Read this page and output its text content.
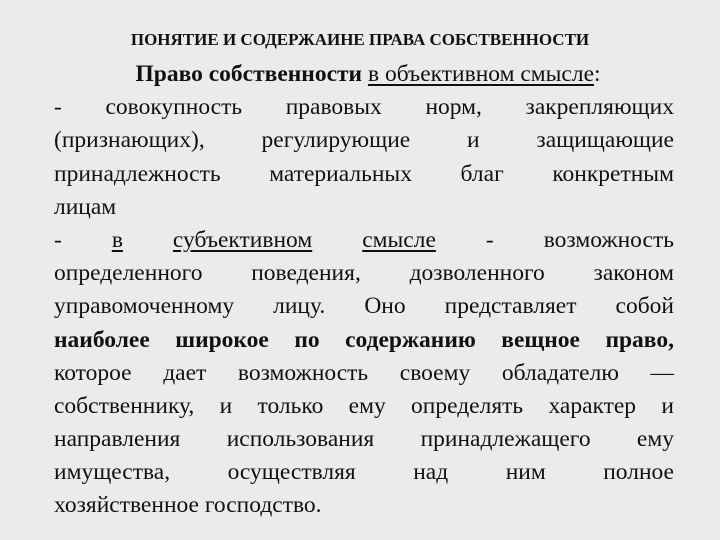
ПОНЯТИЕ И СОДЕРЖАИНЕ ПРАВА СОБСТВЕННОСТИ
Право собственности в объективном смысле:
- совокупность правовых норм, закрепляющих
(признающих), регулирующие и защищающие
принадлежность материальных благ конкретным
лицам
- в субъективном смысле - возможность
определенного поведения, дозволенного законом
управомоченному лицу. Оно представляет собой
наиболее широкое по содержанию вещное право,
которое дает возможность своему обладателю —
собственнику, и только ему определять характер и
направления использования принадлежащего ему
имущества, осуществляя над ним полное
хозяйственное господство.
